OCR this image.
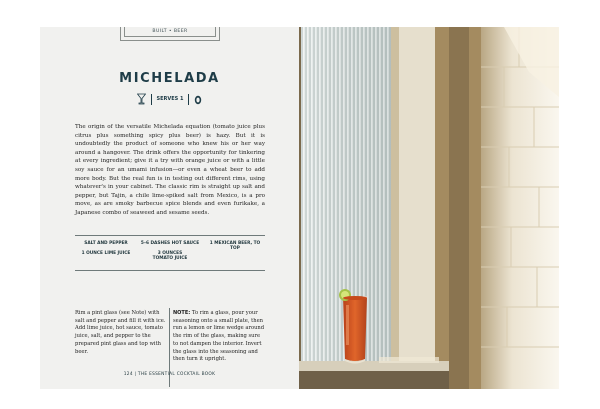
BUILT • BEER
MICHELADA
SERVES 1

The origin of the versatile Michelada equation (tomato juice plus citrus plus something spicy plus beer) is hazy. But it is undoubtedly the product of someone who knew his or her way around a hangover. The drink offers the opportunity for tinkering at every ingredient; give it a try with orange juice or with a little soy sauce for an umami infusion—or even a wheat beer to add more body. But the real fun is in testing out different rims, using whatever's in your cabinet. The classic rim is straight up salt and pepper, but Tajin, a chile lime-spiked salt from Mexico, is a pro move, as are smoky barbecue spice blends and even furikake, a Japanese combo of seaweed and sesame seeds.

SALT AND PEPPER	5–6 DASHES HOT SAUCE	1 MEXICAN BEER, TO TOP
1 OUNCE LIME JUICE	3 OUNCES TOMATO JUICE

Rim a pint glass (see Note) with salt and pepper and fill it with ice. Add lime juice, hot sauce, tomato juice, salt, and pepper to the prepared pint glass and top with beer.

NOTE: To rim a glass, pour your seasoning onto a small plate, then run a lemon or lime wedge around the rim of the glass, making sure to not dampen the interior. Invert the glass into the seasoning and then turn it upright.

124 | THE ESSENTIAL COCKTAIL BOOK
